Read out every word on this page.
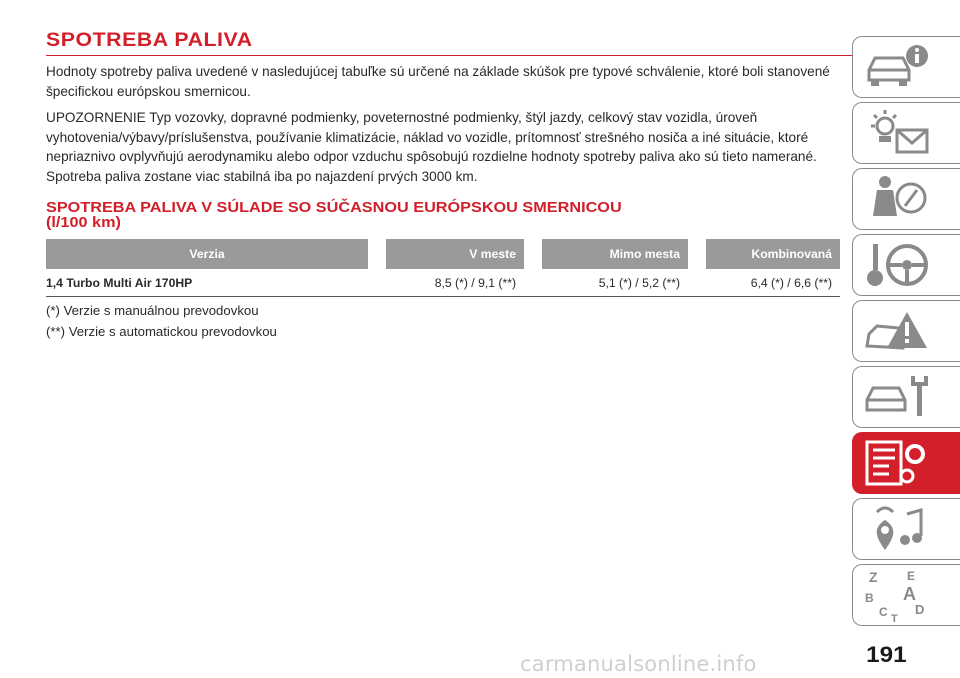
SPOTREBA PALIVA

Hodnoty spotreby paliva uvedené v nasledujúcej tabuľke sú určené na základe skúšok pre typové schválenie, ktoré boli stanovené špecifickou európskou smernicou.

UPOZORNENIE Typ vozovky, dopravné podmienky, poveternostné podmienky, štýl jazdy, celkový stav vozidla, úroveň vyhotovenia/výbavy/príslušenstva, používanie klimatizácie, náklad vo vozidle, prítomnosť strešného nosiča a iné situácie, ktoré nepriaznivo ovplyvňujú aerodynamiku alebo odpor vzduchu spôsobujú rozdielne hodnoty spotreby paliva ako sú tieto namerané. Spotreba paliva zostane viac stabilná iba po najazdení prvých 3000 km.

SPOTREBA PALIVA V SÚLADE SO SÚČASNOU EURÓPSKOU SMERNICOU
(l/100 km)
Verzia	V meste	Mimo mesta	Kombinovaná
1,4 Turbo Multi Air 170HP	8,5 (*) / 9,1 (**)	5,1 (*) / 5,2 (**)	6,4 (*) / 6,6 (**)

(*) Verzie s manuálnou prevodovkou

(**) Verzie s automatickou prevodovkou

Z E
B A
C D
T
carmanualsonline.info	191
